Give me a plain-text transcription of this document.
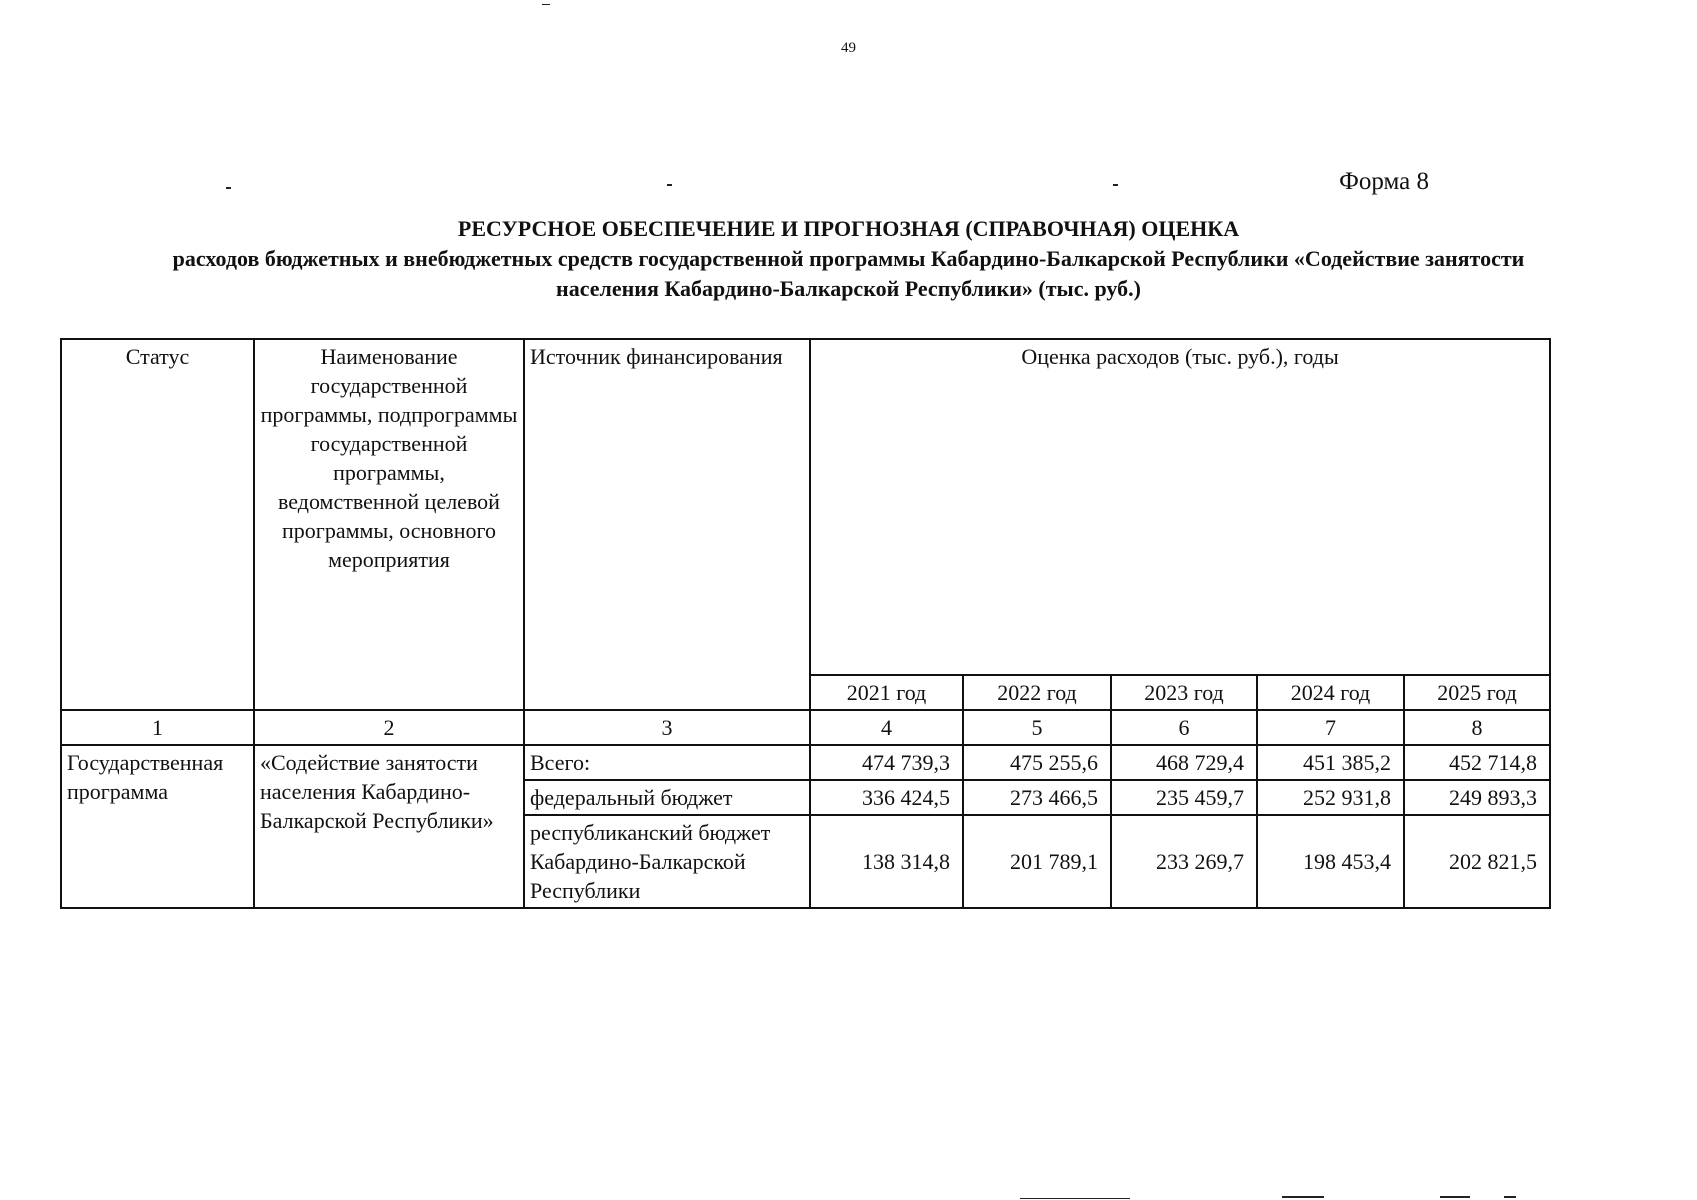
49
Форма 8
РЕСУРСНОЕ ОБЕСПЕЧЕНИЕ И ПРОГНОЗНАЯ (СПРАВОЧНАЯ) ОЦЕНКА
расходов бюджетных и внебюджетных средств государственной программы Кабардино-Балкарской Республики «Содействие занятости населения Кабардино-Балкарской Республики» (тыс. руб.)
Статус	Наименование государственной программы, подпрограммы государственной программы, ведомственной целевой программы, основного мероприятия	Источник финансирования	Оценка расходов (тыс. руб.), годы				
			2021 год	2022 год	2023 год	2024 год	2025 год
1	2	3	4	5	6	7	8
Государственная программа	«Содействие занятости населения Кабардино-Балкарской Республики»	Всего:	474 739,3	475 255,6	468 729,4	451 385,2	452 714,8
		федеральный бюджет	336 424,5	273 466,5	235 459,7	252 931,8	249 893,3
		республиканский бюджет Кабардино-Балкарской Республики	138 314,8	201 789,1	233 269,7	198 453,4	202 821,5
